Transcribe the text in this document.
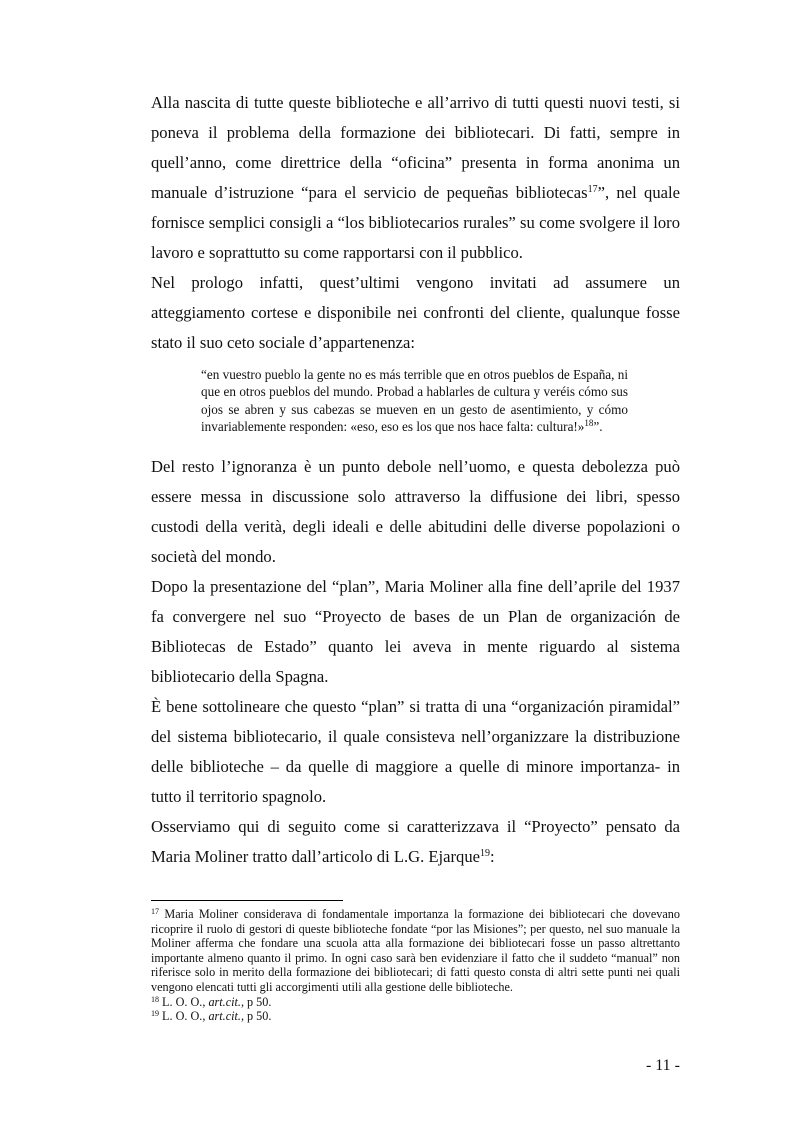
Alla nascita di tutte queste biblioteche e all’arrivo di tutti questi nuovi testi, si poneva il problema della formazione dei bibliotecari. Di fatti, sempre in quell’anno, come direttrice della “oficina” presenta in forma anonima un manuale d’istruzione “para el servicio de pequeñas bibliotecas$^{17}$”, nel quale fornisce semplici consigli a “los bibliotecarios rurales” su come svolgere il loro lavoro e soprattutto su come rapportarsi con il pubblico.

Nel prologo infatti, quest’ultimi vengono invitati ad assumere un atteggiamento cortese e disponibile nei confronti del cliente, qualunque fosse stato il suo ceto sociale d’appartenenza:

“en vuestro pueblo la gente no es más terrible que en otros pueblos de España, ni que en otros pueblos del mundo. Probad a hablarles de cultura y veréis cómo sus ojos se abren y sus cabezas se mueven en un gesto de asentimiento, y cómo invariablemente responden: «eso, eso es los que nos hace falta: cultura!»$^{18}$”.

Del resto l’ignoranza è un punto debole nell’uomo, e questa debolezza può essere messa in discussione solo attraverso la diffusione dei libri, spesso custodi della verità, degli ideali e delle abitudini delle diverse popolazioni o società del mondo.

Dopo la presentazione del “plan”, Maria Moliner alla fine dell’aprile del 1937 fa convergere nel suo “Proyecto de bases de un Plan de organización de Bibliotecas de Estado” quanto lei aveva in mente riguardo al sistema bibliotecario della Spagna.

È bene sottolineare che questo “plan” si tratta di una “organización piramidal” del sistema bibliotecario, il quale consisteva nell’organizzare la distribuzione delle biblioteche – da quelle di maggiore a quelle di minore importanza- in tutto il territorio spagnolo.

Osserviamo qui di seguito come si caratterizzava il “Proyecto” pensato da Maria Moliner tratto dall’articolo di L.G. Ejarque$^{19}$:

$^{17}$ Maria Moliner considerava di fondamentale importanza la formazione dei bibliotecari che dovevano ricoprire il ruolo di gestori di queste biblioteche fondate “por las Misiones”; per questo, nel suo manuale la Moliner afferma che fondare una scuola atta alla formazione dei bibliotecari fosse un passo altrettanto importante almeno quanto il primo. In ogni caso sarà ben evidenziare il fatto che il suddeto “manual” non riferisce solo in merito della formazione dei bibliotecari; di fatti questo consta di altri sette punti nei quali vengono elencati tutti gli accorgimenti utili alla gestione delle biblioteche.

$^{18}$ L. O. O., art.cit., p 50.

$^{19}$ L. O. O., art.cit., p 50.

- 11 -
